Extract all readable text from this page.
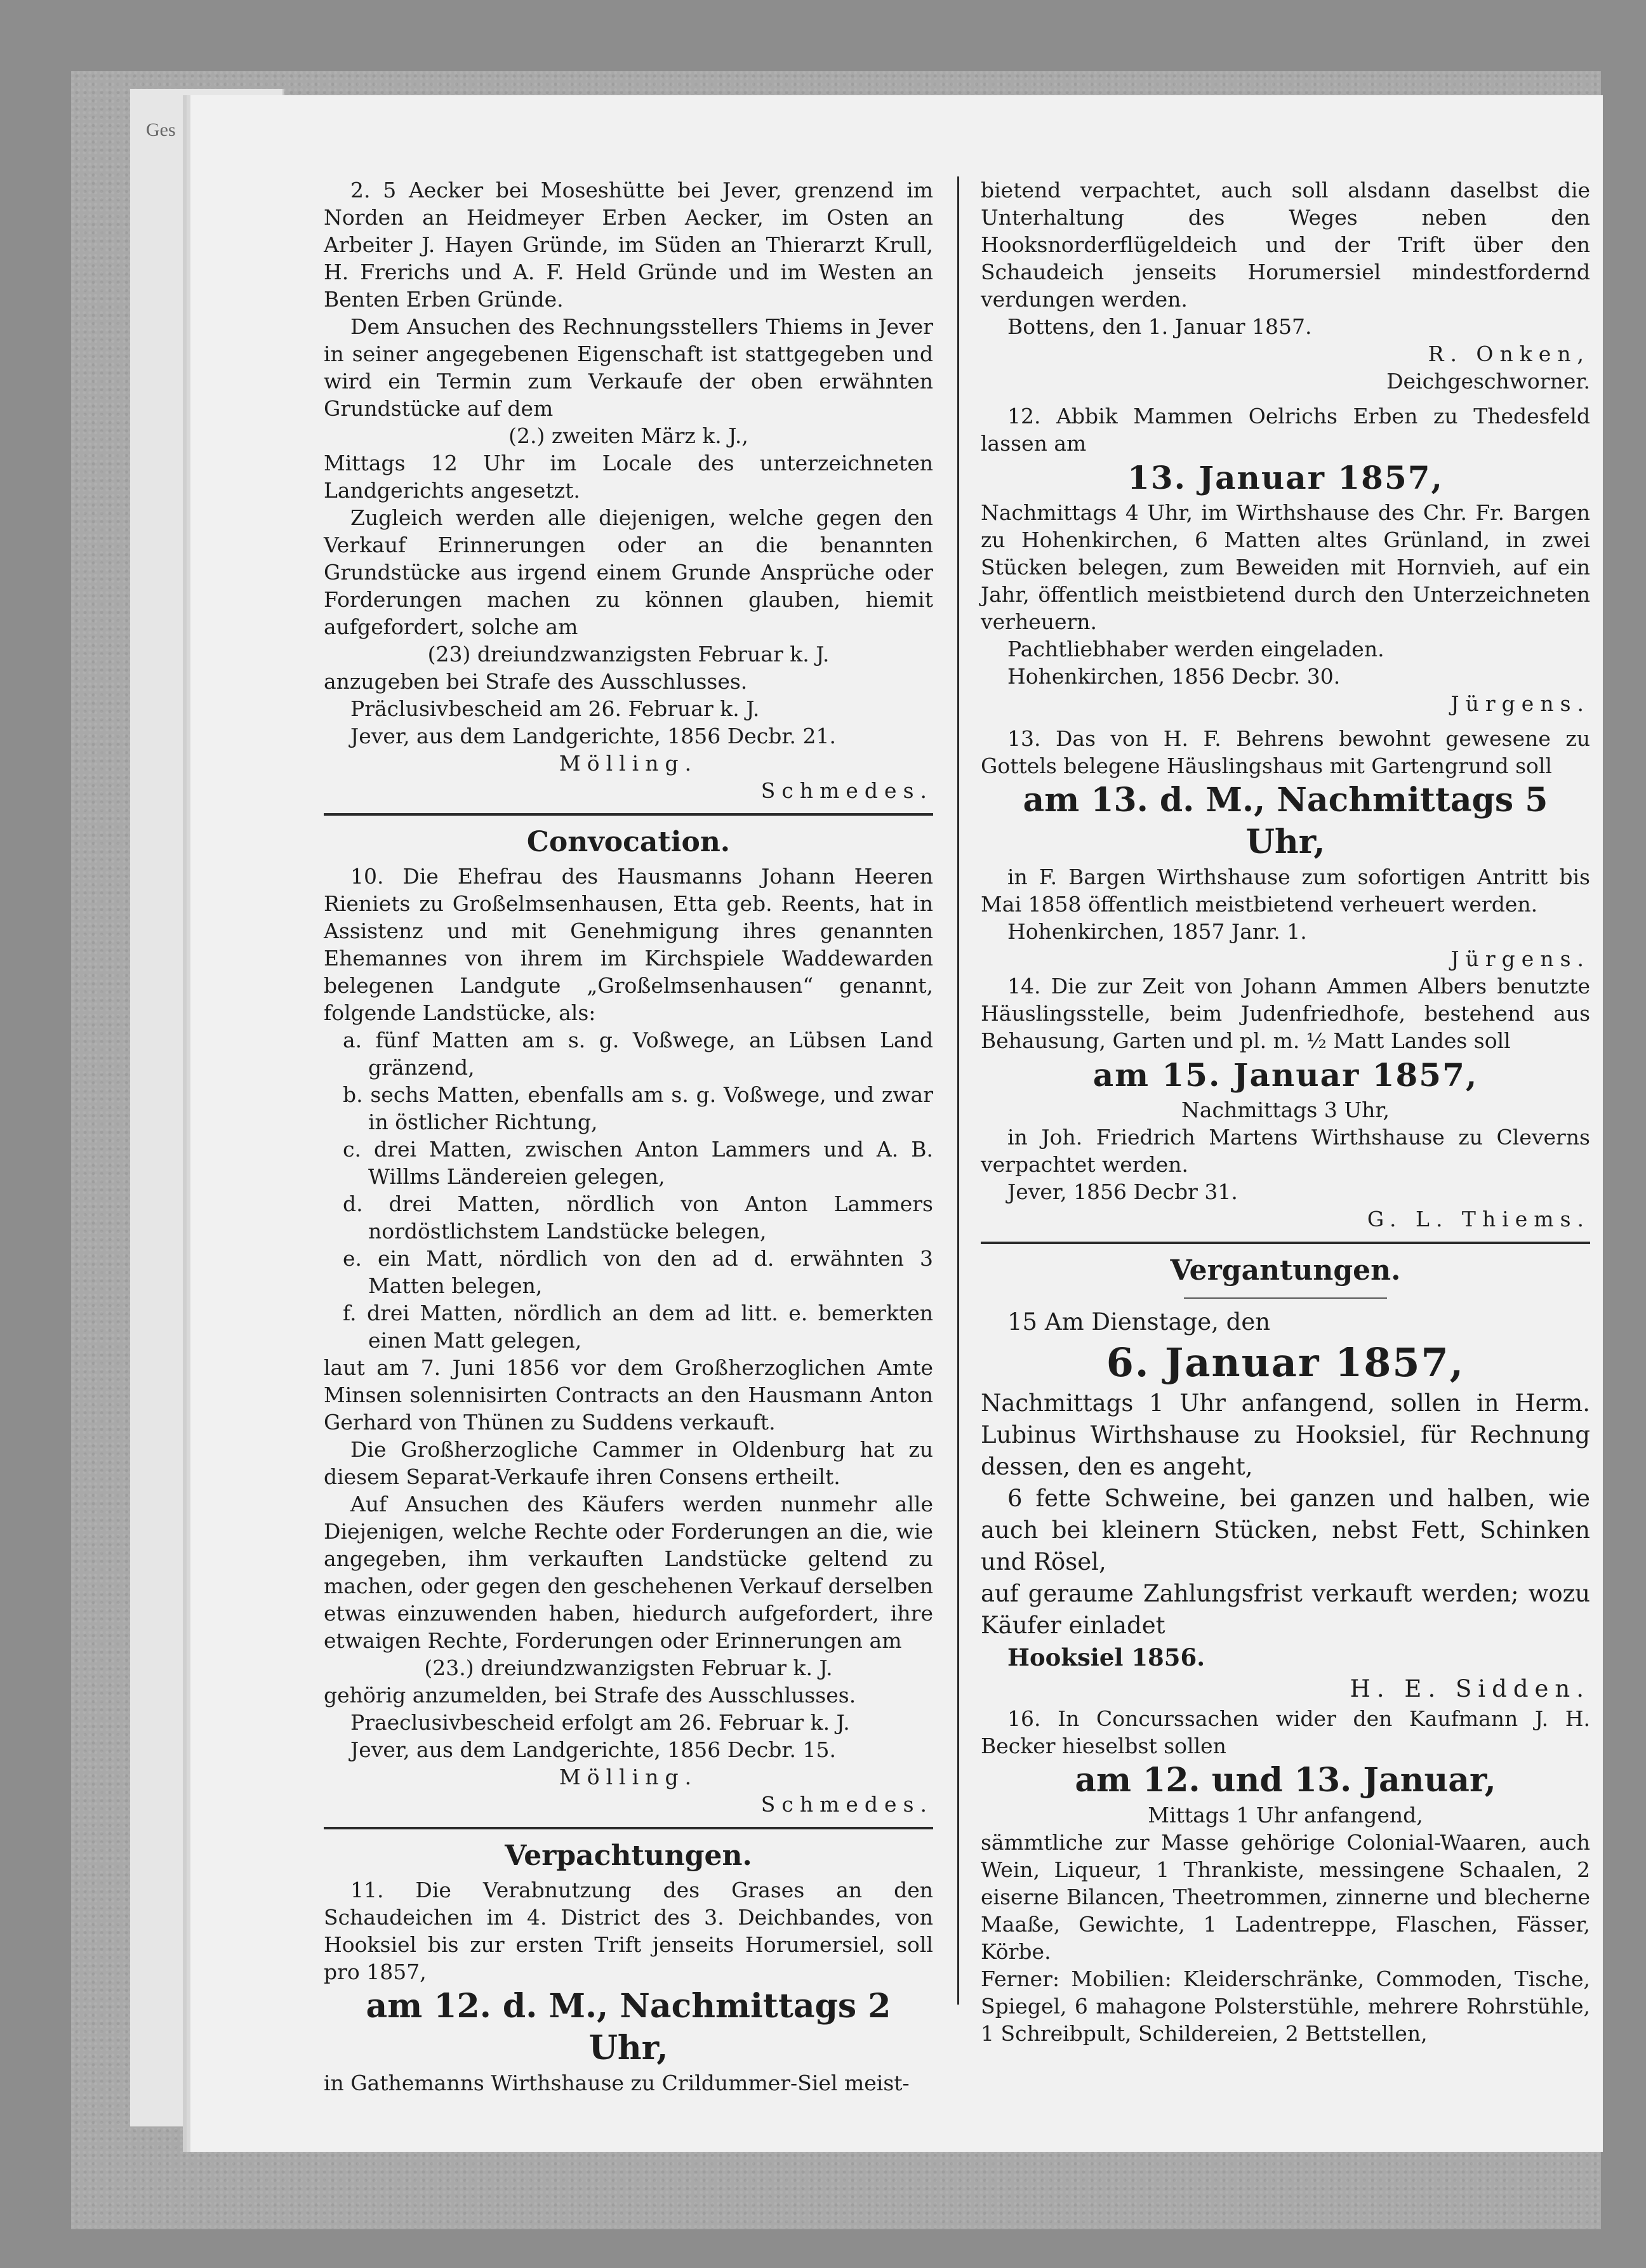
Ges

2. 5 Aecker bei Moseshütte bei Jever, grenzend im Norden an Heidmeyer Erben Aecker, im Osten an Arbeiter J. Hayen Gründe, im Süden an Thierarzt Krull, H. Frerichs und A. F. Held Gründe und im Westen an Benten Erben Gründe.

Dem Ansuchen des Rechnungsstellers Thiems in Jever in seiner angegebenen Eigenschaft ist stattgegeben und wird ein Termin zum Verkaufe der oben erwähnten Grundstücke auf dem

(2.) zweiten März k. J.,

Mittags 12 Uhr im Locale des unterzeichneten Landgerichts angesetzt.

Zugleich werden alle diejenigen, welche gegen den Verkauf Erinnerungen oder an die benannten Grundstücke aus irgend einem Grunde Ansprüche oder Forderungen machen zu können glauben, hiemit aufgefordert, solche am

(23) dreiundzwanzigsten Februar k. J.

anzugeben bei Strafe des Ausschlusses.

Präclusivbescheid am 26. Februar k. J.

Jever, aus dem Landgerichte, 1856 Decbr. 21.

Mölling.

Schmedes.

Convocation.

10. Die Ehefrau des Hausmanns Johann Heeren Rieniets zu Großelmsenhausen, Etta geb. Reents, hat in Assistenz und mit Genehmigung ihres genannten Ehemannes von ihrem im Kirchspiele Waddewarden belegenen Landgute „Großelmsenhausen“ genannt, folgende Landstücke, als:

a. fünf Matten am s. g. Voßwege, an Lübsen Land gränzend,

b. sechs Matten, ebenfalls am s. g. Voßwege, und zwar in östlicher Richtung,

c. drei Matten, zwischen Anton Lammers und A. B. Willms Ländereien gelegen,

d. drei Matten, nördlich von Anton Lammers nordöstlichstem Landstücke belegen,

e. ein Matt, nördlich von den ad d. erwähnten 3 Matten belegen,

f. drei Matten, nördlich an dem ad litt. e. bemerkten einen Matt gelegen,

laut am 7. Juni 1856 vor dem Großherzoglichen Amte Minsen solennisirten Contracts an den Hausmann Anton Gerhard von Thünen zu Suddens verkauft.

Die Großherzogliche Cammer in Oldenburg hat zu diesem Separat-Verkaufe ihren Consens ertheilt.

Auf Ansuchen des Käufers werden nunmehr alle Diejenigen, welche Rechte oder Forderungen an die, wie angegeben, ihm verkauften Landstücke geltend zu machen, oder gegen den geschehenen Verkauf derselben etwas einzuwenden haben, hiedurch aufgefordert, ihre etwaigen Rechte, Forderungen oder Erinnerungen am

(23.) dreiundzwanzigsten Februar k. J.

gehörig anzumelden, bei Strafe des Ausschlusses.

Praeclusivbescheid erfolgt am 26. Februar k. J.

Jever, aus dem Landgerichte, 1856 Decbr. 15.

Mölling.

Schmedes.

Verpachtungen.

11. Die Verabnutzung des Grases an den Schaudeichen im 4. District des 3. Deichbandes, von Hooksiel bis zur ersten Trift jenseits Horumersiel, soll pro 1857,

am 12. d. M., Nachmittags 2 Uhr,

in Gathemanns Wirthshause zu Crildummer-Siel meist-

bietend verpachtet, auch soll alsdann daselbst die Unterhaltung des Weges neben den Hooksnorderflügeldeich und der Trift über den Schaudeich jenseits Horumersiel mindestfordernd verdungen werden.

Bottens, den 1. Januar 1857.

R. Onken,

Deichgeschworner.

12. Abbik Mammen Oelrichs Erben zu Thedesfeld lassen am

13. Januar 1857,

Nachmittags 4 Uhr, im Wirthshause des Chr. Fr. Bargen zu Hohenkirchen, 6 Matten altes Grünland, in zwei Stücken belegen, zum Beweiden mit Hornvieh, auf ein Jahr, öffentlich meistbietend durch den Unterzeichneten verheuern.

Pachtliebhaber werden eingeladen.

Hohenkirchen, 1856 Decbr. 30.

Jürgens.

13. Das von H. F. Behrens bewohnt gewesene zu Gottels belegene Häuslingshaus mit Gartengrund soll

am 13. d. M., Nachmittags 5 Uhr,

in F. Bargen Wirthshause zum sofortigen Antritt bis Mai 1858 öffentlich meistbietend verheuert werden.

Hohenkirchen, 1857 Janr. 1.

Jürgens.

14. Die zur Zeit von Johann Ammen Albers benutzte Häuslingsstelle, beim Judenfriedhofe, bestehend aus Behausung, Garten und pl. m. ½ Matt Landes soll

am 15. Januar 1857,

Nachmittags 3 Uhr,

in Joh. Friedrich Martens Wirthshause zu Cleverns verpachtet werden.

Jever, 1856 Decbr 31.

G. L. Thiems.

Vergantungen.

15 Am Dienstage, den

6. Januar 1857,

Nachmittags 1 Uhr anfangend, sollen in Herm. Lubinus Wirthshause zu Hooksiel, für Rechnung dessen, den es angeht,

6 fette Schweine, bei ganzen und halben, wie auch bei kleinern Stücken, nebst Fett, Schinken und Rösel,

auf geraume Zahlungsfrist verkauft werden; wozu Käufer einladet

Hooksiel 1856.

H. E. Sidden.

16. In Concurssachen wider den Kaufmann J. H. Becker hieselbst sollen

am 12. und 13. Januar,

Mittags 1 Uhr anfangend,

sämmtliche zur Masse gehörige Colonial-Waaren, auch Wein, Liqueur, 1 Thrankiste, messingene Schaalen, 2 eiserne Bilancen, Theetrommen, zinnerne und blecherne Maaße, Gewichte, 1 Ladentreppe, Flaschen, Fässer, Körbe.

Ferner: Mobilien: Kleiderschränke, Commoden, Tische, Spiegel, 6 mahagone Polsterstühle, mehrere Rohrstühle, 1 Schreibpult, Schildereien, 2 Bettstellen,
